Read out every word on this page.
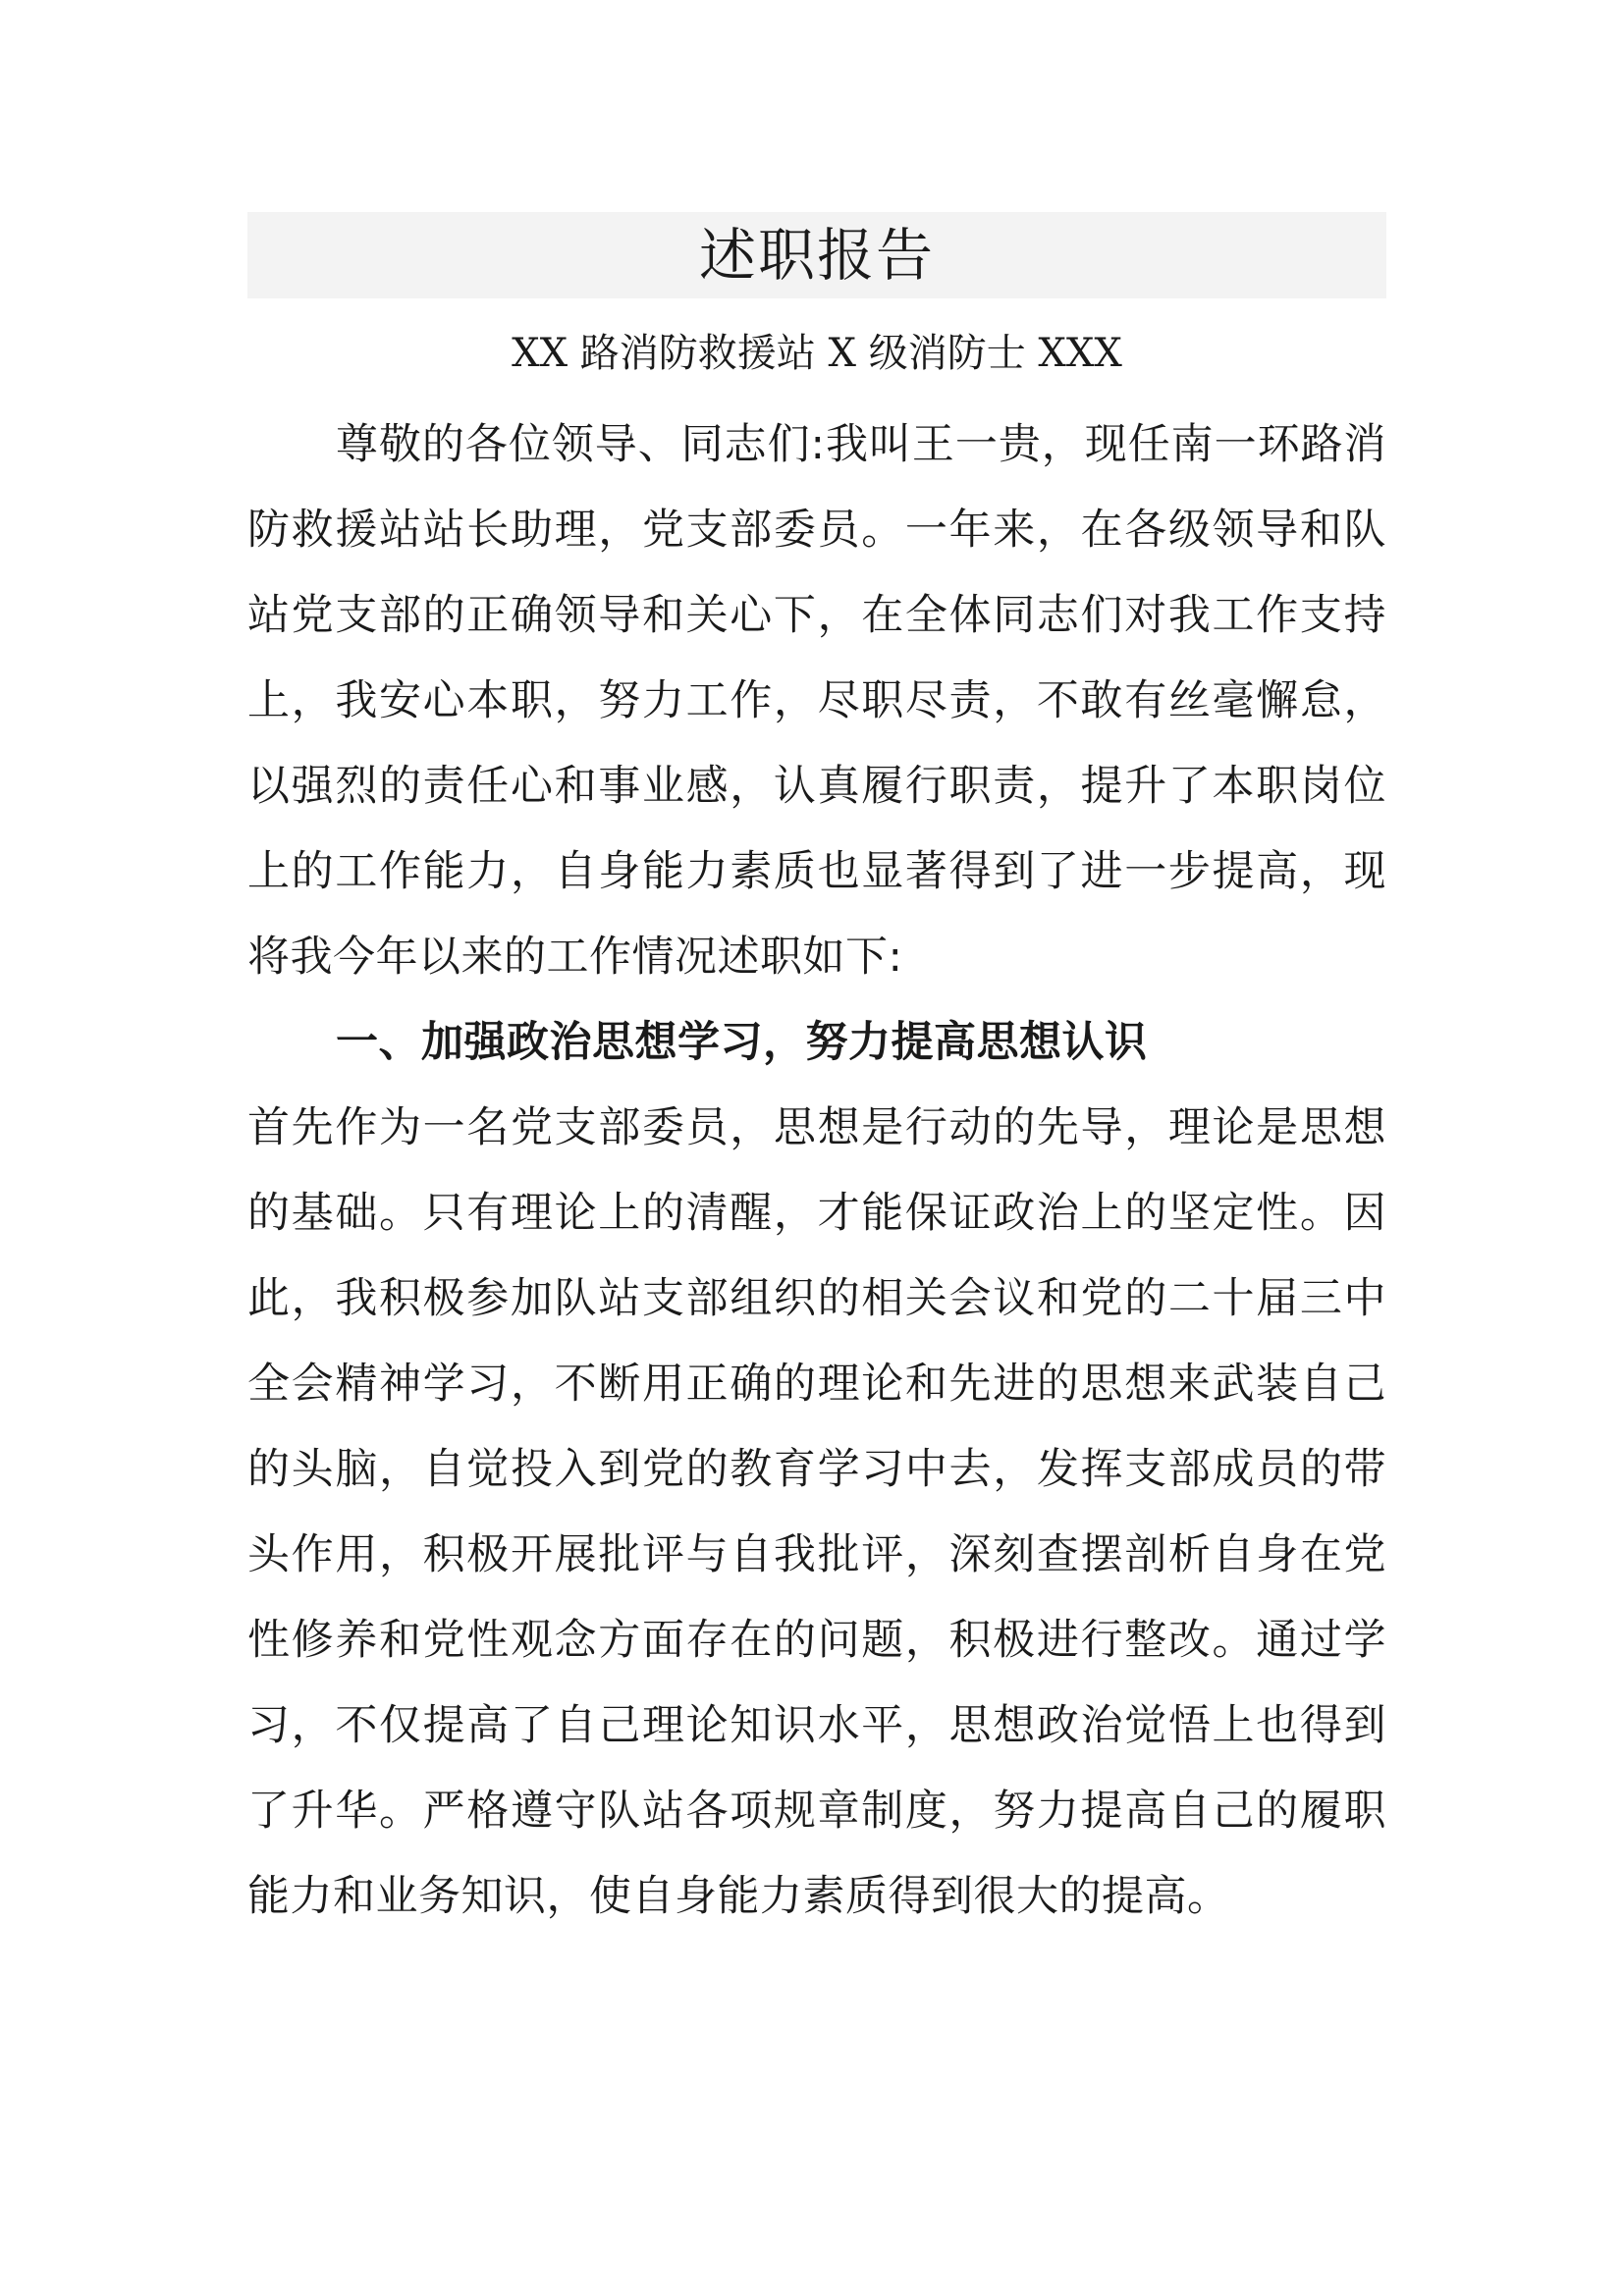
述职报告

XX 路消防救援站 X 级消防士 XXX

尊敬的各位领导、同志们:我叫王一贵，现任南一环路消防救援站站长助理，党支部委员。一年来，在各级领导和队站党支部的正确领导和关心下，在全体同志们对我工作支持上，我安心本职，努力工作，尽职尽责，不敢有丝毫懈怠，以强烈的责任心和事业感，认真履行职责，提升了本职岗位上的工作能力，自身能力素质也显著得到了进一步提高，现将我今年以来的工作情况述职如下:

一、加强政治思想学习，努力提高思想认识

首先作为一名党支部委员，思想是行动的先导，理论是思想的基础。只有理论上的清醒，才能保证政治上的坚定性。因此，我积极参加队站支部组织的相关会议和党的二十届三中全会精神学习，不断用正确的理论和先进的思想来武装自己的头脑，自觉投入到党的教育学习中去，发挥支部成员的带头作用，积极开展批评与自我批评，深刻查摆剖析自身在党性修养和党性观念方面存在的问题，积极进行整改。通过学习，不仅提高了自己理论知识水平，思想政治觉悟上也得到了升华。严格遵守队站各项规章制度，努力提高自己的履职能力和业务知识，使自身能力素质得到很大的提高。
